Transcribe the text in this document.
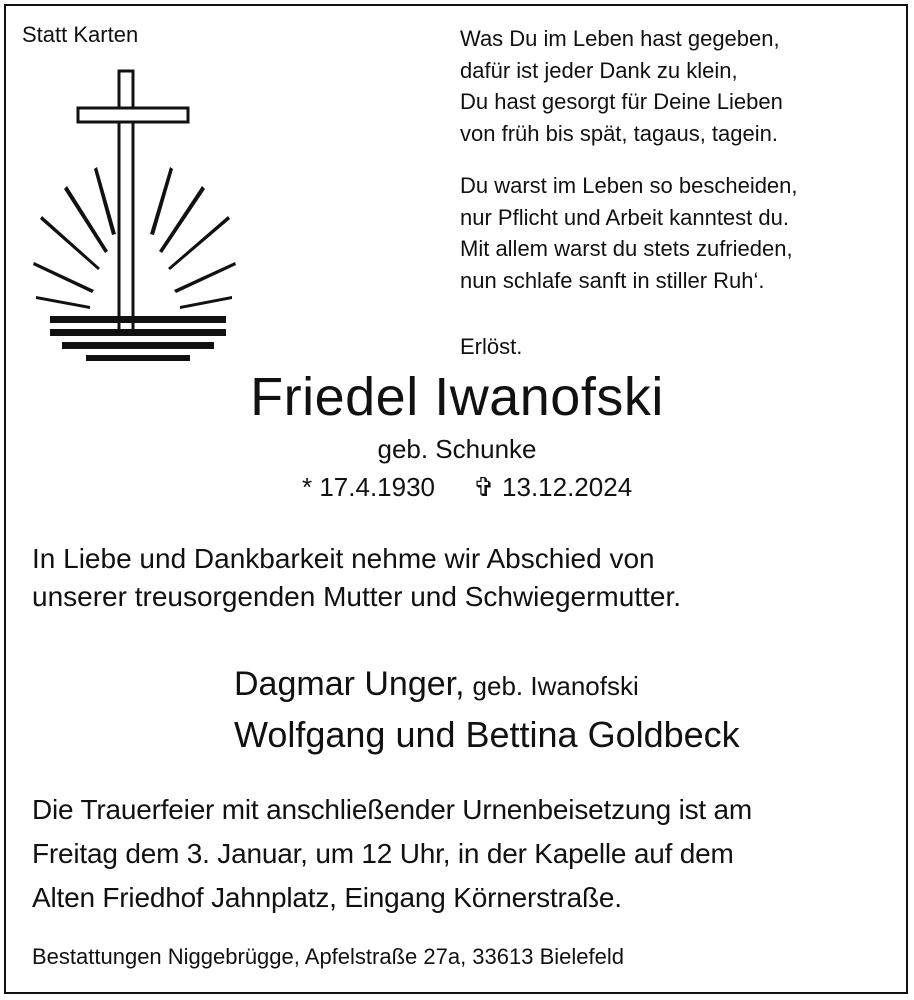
Statt Karten	Was Du im Leben hast gegeben,
dafür ist jeder Dank zu klein,
Du hast gesorgt für Deine Lieben
von früh bis spät, tagaus, tagein.
Du warst im Leben so bescheiden,
nur Pflicht und Arbeit kanntest du.
Mit allem warst du stets zufrieden,
nun schlafe sanft in stiller Ruh‘.
Erlöst.
Friedel Iwanofski
geb. Schunke
* 17.4.1930 ✞ 13.12.2024
In Liebe und Dankbarkeit nehme wir Abschied von
unserer treusorgenden Mutter und Schwiegermutter.
Dagmar Unger, geb. Iwanofski
Wolfgang und Bettina Goldbeck
Die Trauerfeier mit anschließender Urnenbeisetzung ist am
Freitag dem 3. Januar, um 12 Uhr, in der Kapelle auf dem
Alten Friedhof Jahnplatz, Eingang Körnerstraße.
Bestattungen Niggebrügge, Apfelstraße 27a, 33613 Bielefeld
